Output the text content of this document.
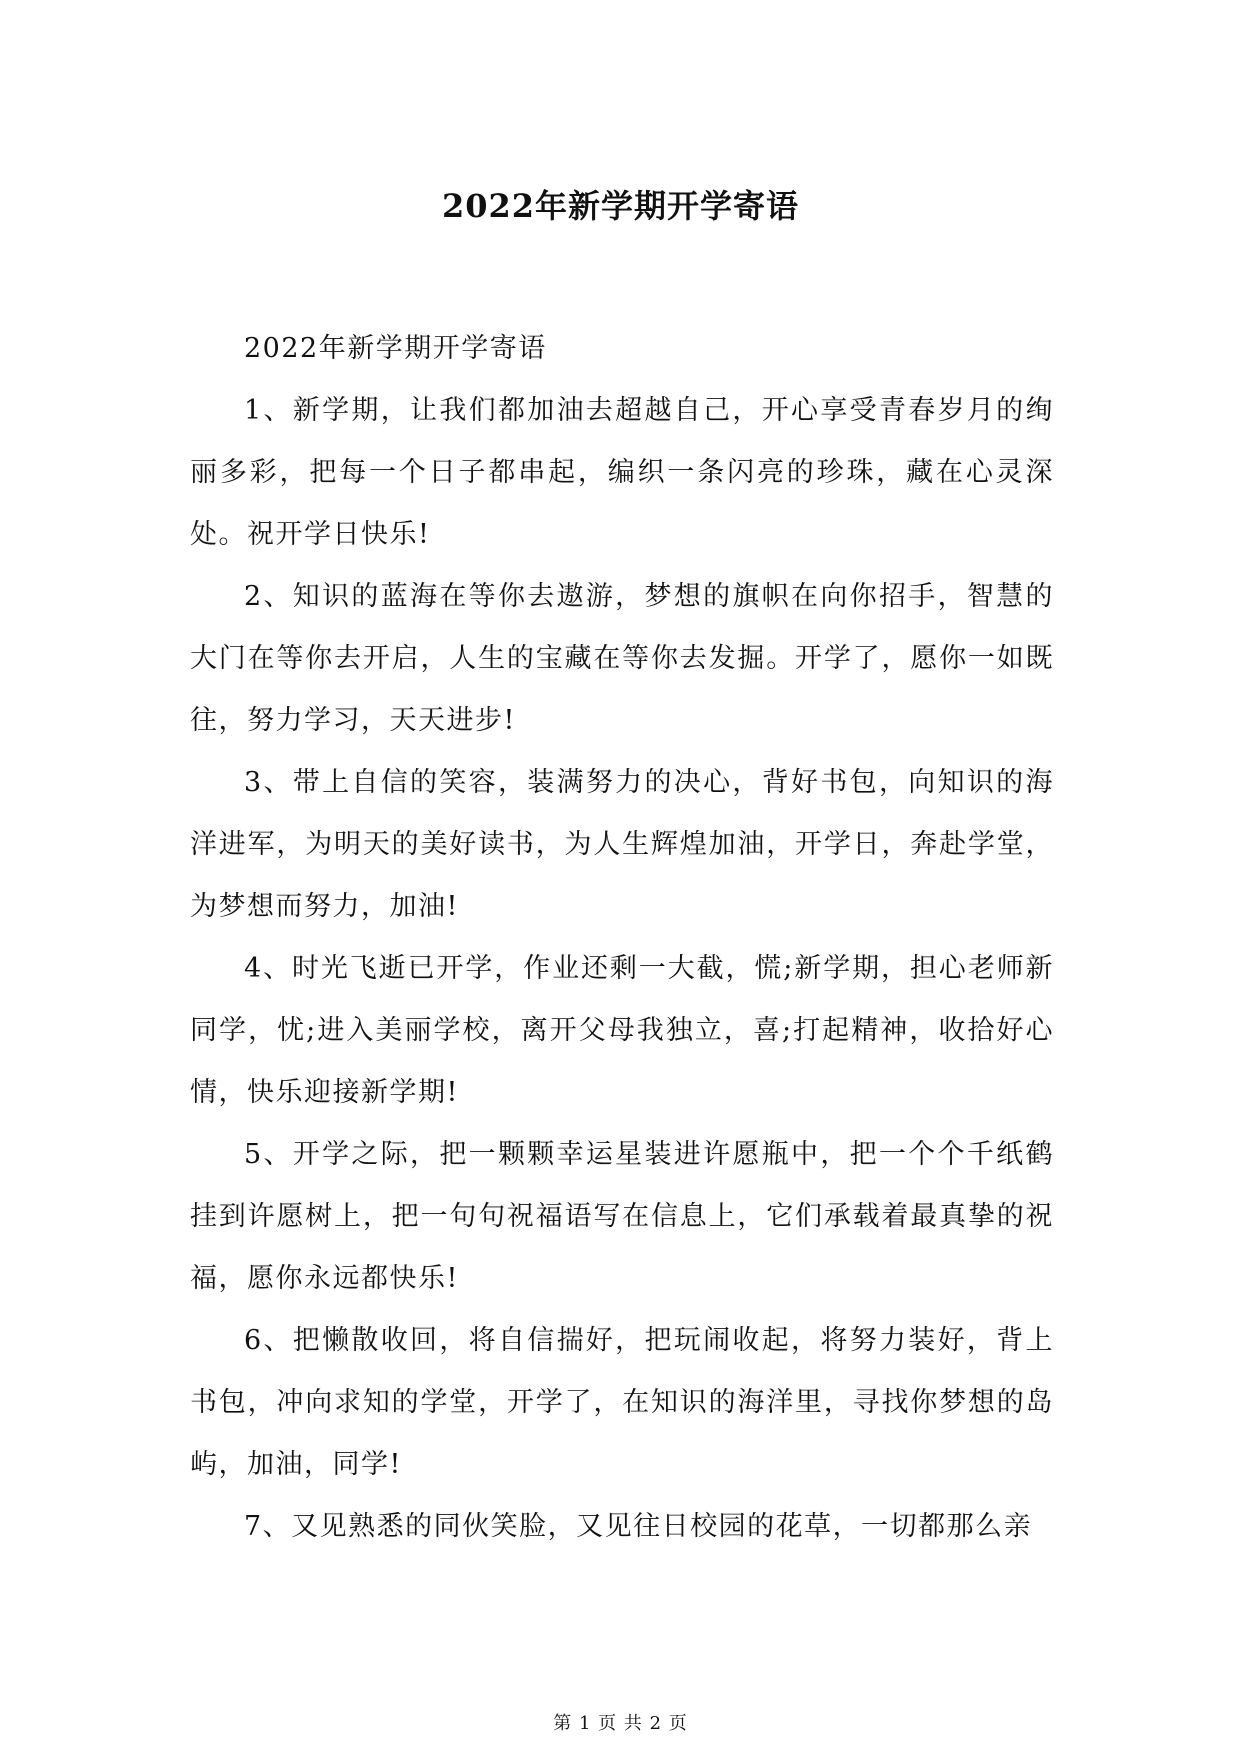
2022年新学期开学寄语

2022年新学期开学寄语

1、新学期，让我们都加油去超越自己，开心享受青春岁月的绚丽多彩，把每一个日子都串起，编织一条闪亮的珍珠，藏在心灵深处。祝开学日快乐!

2、知识的蓝海在等你去遨游，梦想的旗帜在向你招手，智慧的大门在等你去开启，人生的宝藏在等你去发掘。开学了，愿你一如既往，努力学习，天天进步!

3、带上自信的笑容，装满努力的决心，背好书包，向知识的海洋进军，为明天的美好读书，为人生辉煌加油，开学日，奔赴学堂，为梦想而努力，加油!

4、时光飞逝已开学，作业还剩一大截，慌;新学期，担心老师新同学，忧;进入美丽学校，离开父母我独立，喜;打起精神，收拾好心情，快乐迎接新学期!

5、开学之际，把一颗颗幸运星装进许愿瓶中，把一个个千纸鹤挂到许愿树上，把一句句祝福语写在信息上，它们承载着最真挚的祝福，愿你永远都快乐!

6、把懒散收回，将自信揣好，把玩闹收起，将努力装好，背上书包，冲向求知的学堂，开学了，在知识的海洋里，寻找你梦想的岛屿，加油，同学!

7、又见熟悉的同伙笑脸，又见往日校园的花草，一切都那么亲

第 1 页 共 2 页
